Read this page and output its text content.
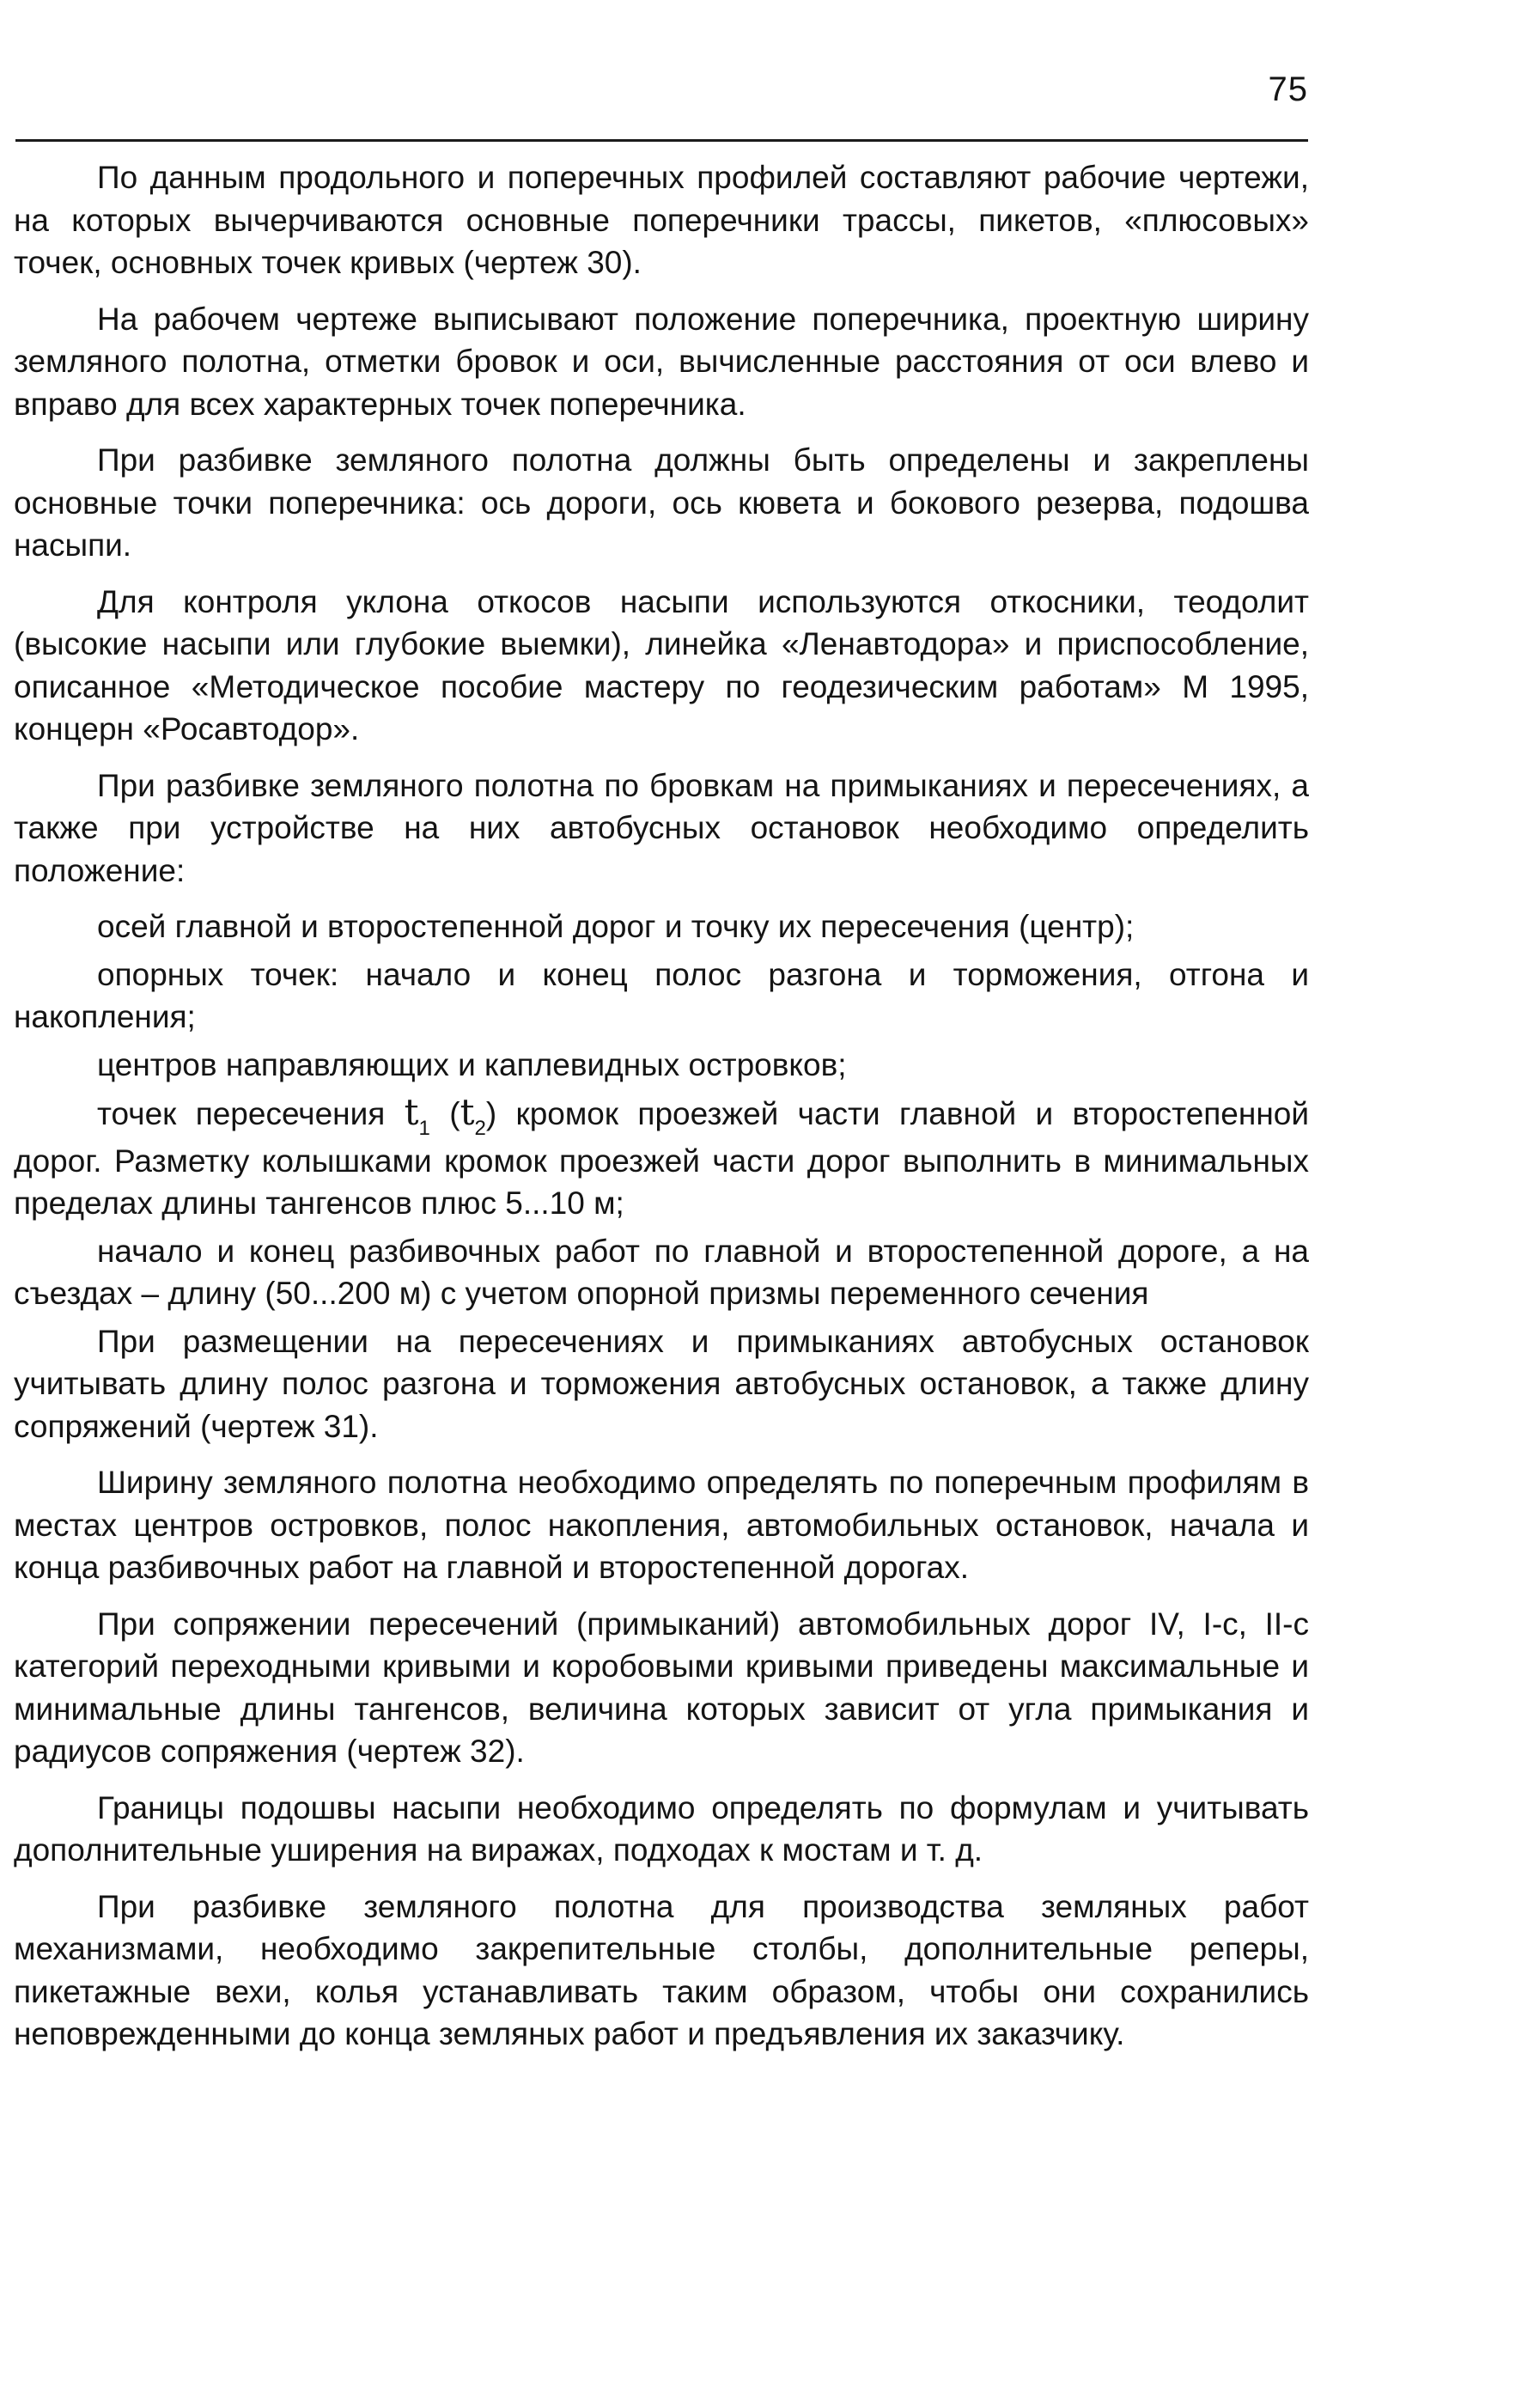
75

По данным продольного и поперечных профилей составляют рабочие чертежи, на которых вычерчиваются основные поперечники трассы, пикетов, «плюсовых» точек, основных точек кривых (чертеж 30).

На рабочем чертеже выписывают положение поперечника, проектную ширину земляного полотна, отметки бровок и оси, вычисленные расстояния от оси влево и вправо для всех характерных точек поперечника.

При разбивке земляного полотна должны быть определены и закреплены основные точки поперечника: ось дороги, ось кювета и бокового резерва, подошва насыпи.

Для контроля уклона откосов насыпи используются откосники, теодолит (высокие насыпи или глубокие выемки), линейка «Ленавтодора» и приспособление, описанное «Методическое пособие мастеру по геодезическим работам» М 1995, концерн «Росавтодор».

При разбивке земляного полотна по бровкам на примыканиях и пересечениях, а также при устройстве на них автобусных остановок необходимо определить положение:

осей главной и второстепенной дорог и точку их пересечения (центр);

опорных точек: начало и конец полос разгона и торможения, отгона и накопления;

центров направляющих и каплевидных островков;

точек пересечения $t_1$ $(t_2)$ кромок проезжей части главной и второстепенной дорог. Разметку колышками кромок проезжей части дорог выполнить в минимальных пределах длины тангенсов плюс 5...10 м;

начало и конец разбивочных работ по главной и второстепенной дороге, а на съездах – длину (50...200 м) с учетом опорной призмы переменного сечения

При размещении на пересечениях и примыканиях автобусных остановок учитывать длину полос разгона и торможения автобусных остановок, а также длину сопряжений (чертеж 31).

Ширину земляного полотна необходимо определять по поперечным профилям в местах центров островков, полос накопления, автомобильных остановок, начала и конца разбивочных работ на главной и второстепенной дорогах.

При сопряжении пересечений (примыканий) автомобильных дорог IV, I-с, II-с категорий переходными кривыми и коробовыми кривыми приведены максимальные и минимальные длины тангенсов, величина которых зависит от угла примыкания и радиусов сопряжения (чертеж 32).

Границы подошвы насыпи необходимо определять по формулам и учитывать дополнительные уширения на виражах, подходах к мостам и т. д.

При разбивке земляного полотна для производства земляных работ механизмами, необходимо закрепительные столбы, дополнительные реперы, пикетажные вехи, колья устанавливать таким образом, чтобы они сохранились неповрежденными до конца земляных работ и предъявления их заказчику.
